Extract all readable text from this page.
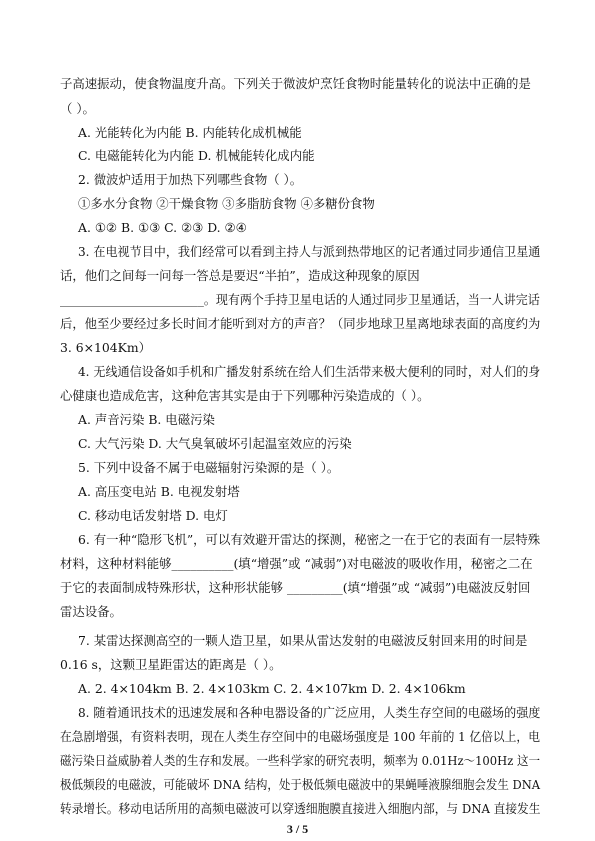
子高速振动，使食物温度升高。下列关于微波炉烹饪食物时能量转化的说法中正确的是
（ ）。
A. 光能转化为内能 B. 内能转化成机械能
C. 电磁能转化为内能 D. 机械能转化成内能
2. 微波炉适用于加热下列哪些食物（ ）。
①多水分食物 ②干燥食物 ③多脂肪食物 ④多糖份食物
A. ①② B. ①③ C. ②③ D. ②④
3. 在电视节目中，我们经常可以看到主持人与派到热带地区的记者通过同步通信卫星通
话，他们之间每一问每一答总是要迟“半拍”，造成这种现象的原因
________________________。现有两个手持卫星电话的人通过同步卫星通话，当一人讲完话
后，他至少要经过多长时间才能听到对方的声音？（同步地球卫星离地球表面的高度约为
3. 6×104Km）
4. 无线通信设备如手机和广播发射系统在给人们生活带来极大便利的同时，对人们的身
心健康也造成危害，这种危害其实是由于下列哪种污染造成的（ ）。
A. 声音污染 B. 电磁污染
C. 大气污染 D. 大气臭氧破坏引起温室效应的污染
5. 下列中设备不属于电磁辐射污染源的是（ ）。
A. 高压变电站 B. 电视发射塔
C. 移动电话发射塔 D. 电灯
6. 有一种“隐形飞机”，可以有效避开雷达的探测，秘密之一在于它的表面有一层特殊
材料，这种材料能够__________(填“增强”或 “减弱”)对电磁波的吸收作用，秘密之二在
于它的表面制成特殊形状，这种形状能够 _________(填“增强”或 “减弱”)电磁波反射回
雷达设备。
7. 某雷达探测高空的一颗人造卫星，如果从雷达发射的电磁波反射回来用的时间是
0.16 s，这颗卫星距雷达的距离是（ ）。
A. 2. 4×104km B. 2. 4×103km C. 2. 4×107km D. 2. 4×106km
8. 随着通讯技术的迅速发展和各种电器设备的广泛应用，人类生存空间的电磁场的强度
在急剧增强，有资料表明，现在人类生存空间中的电磁场强度是 100 年前的 1 亿倍以上，电
磁污染日益威胁着人类的生存和发展。一些科学家的研究表明，频率为 0.01Hz～100Hz 这一
极低频段的电磁波，可能破坏 DNA 结构，处于极低频电磁波中的果蝇唾液腺细胞会发生 DNA
转录增长。移动电话所用的高频电磁波可以穿透细胞膜直接进入细胞内部，与 DNA 直接发生
3 / 5
